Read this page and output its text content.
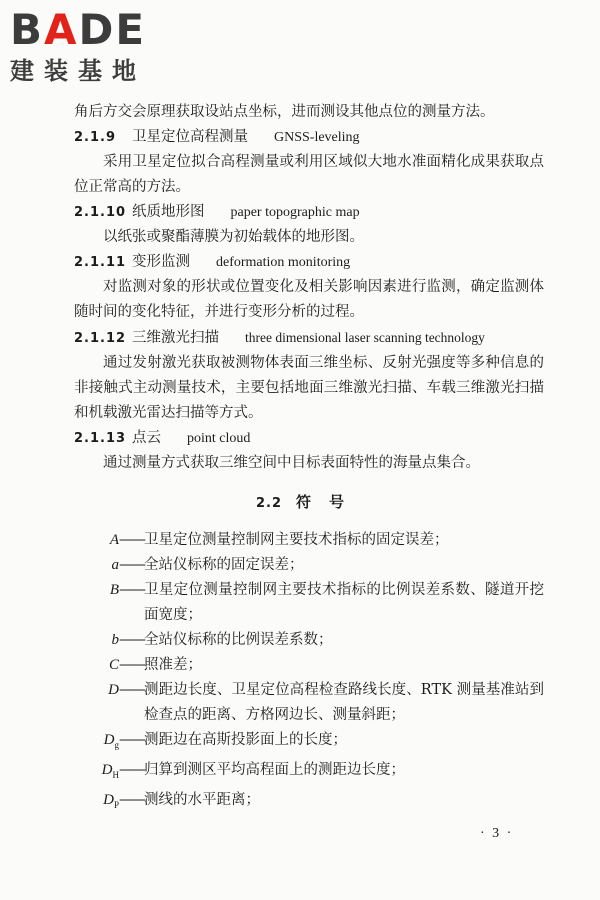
BADE
建装基地

角后方交会原理获取设站点坐标，进而测设其他点位的测量方法。

2.1.9 卫星定位高程测量 GNSS-leveling

采用卫星定位拟合高程测量或利用区域似大地水准面精化成果获取点位正常高的方法。

2.1.10 纸质地形图 paper topographic map

以纸张或聚酯薄膜为初始载体的地形图。

2.1.11 变形监测 deformation monitoring

对监测对象的形状或位置变化及相关影响因素进行监测，确定监测体随时间的变化特征，并进行变形分析的过程。

2.1.12 三维激光扫描 three dimensional laser scanning technology

通过发射激光获取被测物体表面三维坐标、反射光强度等多种信息的非接触式主动测量技术，主要包括地面三维激光扫描、车载三维激光扫描和机载激光雷达扫描等方式。

2.1.13 点云 point cloud

通过测量方式获取三维空间中目标表面特性的海量点集合。

2.2 符号
A—— 卫星定位测量控制网主要技术指标的固定误差；
a—— 全站仪标称的固定误差；
B—— 卫星定位测量控制网主要技术指标的比例误差系数、隧道开挖面宽度；
b—— 全站仪标称的比例误差系数；
C—— 照准差；
D—— 测距边长度、卫星定位高程检查路线长度、RTK 测量基准站到检查点的距离、方格网边长、测量斜距；
$D_g——$ 测距边在高斯投影面上的长度；
$D_H——$ 归算到测区平均高程面上的测距边长度；
$D_P——$ 测线的水平距离；
· 3 ·
